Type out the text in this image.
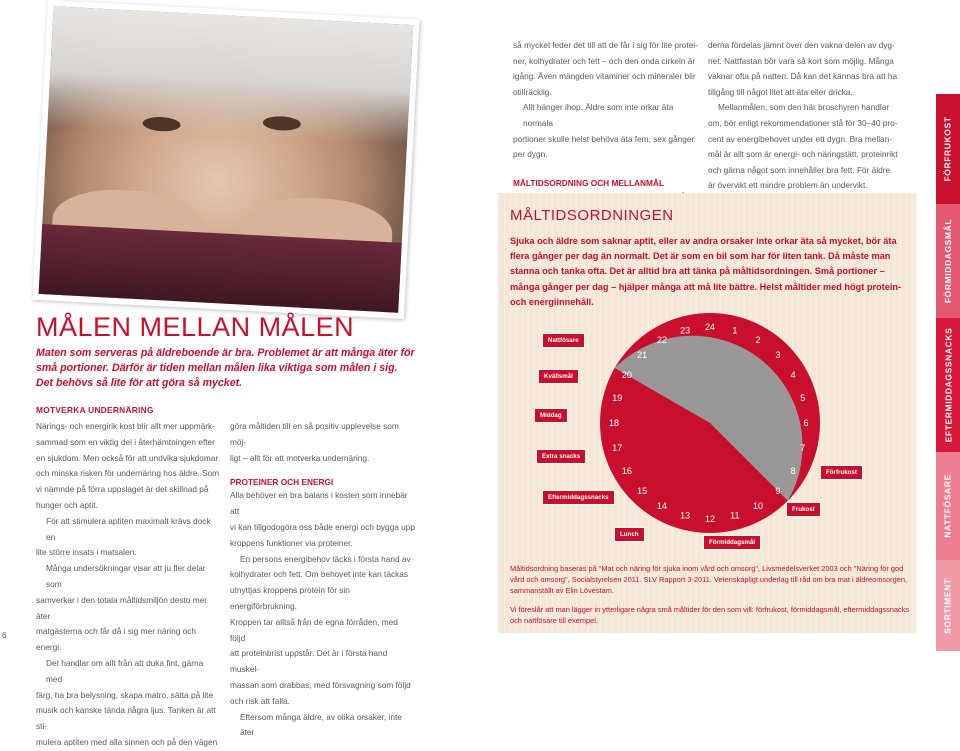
MÅLEN MELLAN MÅLEN
Maten som serveras på äldreboende är bra. Problemet är att många äter för små portioner. Därför är tiden mellan målen lika viktiga som målen i sig. Det behövs så lite för att göra så mycket.
MOTVERKA UNDERNÄRING
Närings- och energirik kost blir allt mer uppmärk-
sammad som en viktig del i återhämtningen efter
en sjukdom. Men också för att undvika sjukdomar
och minska risken för undernäring hos äldre. Som
vi nämnde på förra uppslaget är det skillnad på
hunger och aptit.
För att stimulera aptiten maximalt krävs dock en
lite större insats i matsalen.
Många undersökningar visar att ju fler delar som
samverkar i den totala måltidsmiljön desto mer äter
matgästerna och får då i sig mer näring och energi.
Det handlar om allt från att duka fint, gärna med
färg, ha bra belysning, skapa matro, sätta på lite
musik och kanske tända några ljus. Tanken är att sti-
mulera aptiten med alla sinnen och på den vägen
göra måltiden till en så positiv upplevelse som möj-
ligt – allt för att motverka undernäring.
PROTEINER OCH ENERGI
Alla behöver en bra balans i kosten som innebär att
vi kan tillgodogöra oss både energi och bygga upp
kroppens funktioner via proteiner.
En persons energibehov täcks i första hand av
kolhydrater och fett. Om behovet inte kan täckas
utnyttjas kroppens protein för sin energiförbrukning.
Kroppen tar alltså från de egna förråden, med följd
att proteinbrist uppstår. Det är i första hand muskel-
massan som drabbas, med försvagning som följd
och risk att falla.
Eftersom många äldre, av olika orsaker, inte äter
6
så mycket leder det till att de får i sig för lite protei-
ner, kolhydrater och fett – och den onda cirkeln är
igång. Även mängden vitaminer och mineraler blir
otillräcklig.
Allt hänger ihop. Äldre som inte orkar äta normala
portioner skulle helst behöva äta fem, sex gånger
per dygn.
MÅLTIDSORDNING OCH MELLANMÅL
derna fördelas jämnt över den vakna delen av dyg-
net. Nattfastan bör vara så kort som möjlig. Många
vaknar ofta på natten. Då kan det kännas bra att ha
tillgång till något litet att äta eller dricka.
Mellanmålen, som den här broschyren handlar
om, bör enligt rekommendationer stå för 30–40 pro-
cent av energibehovet under ett dygn. Bra mellan-
mål är allt som är energi- och näringstätt, proteinrikt
och gärna något som innehåller bra fett. För äldre
är övervikt ett mindre problem än undervikt.
MÅLTIDSORDNINGEN
Sjuka och äldre som saknar aptit, eller av andra orsaker inte orkar äta så mycket, bör äta flera gånger per dag än normalt. Det är som en bil som har för liten tank. Då måste man stanna och tanka ofta. Det är alltid bra att tänka på måltidsordningen. Små portioner – många gånger per dag – hjälper många att må lite bättre. Helst måltider med högt protein- och energiinnehåll.
24 1
2
3
4
5
6
7
8
9
10
11
12
13
14
15
16
17
18
19
20
21
22
23
Nattfösare
Kvällsmål
Middag
Extra snacks
Eftermiddagssnacks
Lunch
Förmiddagsmål
Frukost
Förfrukost
Måltidsordning baseras på "Mat och näring för sjuka inom vård och omsorg", Livsmedelsverket 2003 och "Näring för god vård och omsorg", Socialstyrelsen 2011. SLV Rapport 3-2011. Vetenskapligt underlag till råd om bra mat i äldreomsorgen, sammanställt av Elin Lövestam.
Vi föreslår att man lägger in ytterligare några små måltider för den som vill: förfrukost, förmiddagsmål, eftermiddagssnacks och nattfösare till exempel.
FÖRFRUKOST
FÖRMIDDAGSMÅL
EFTERMIDDAGSSNACKS
NATTFÖSARE
SORTIMENT
